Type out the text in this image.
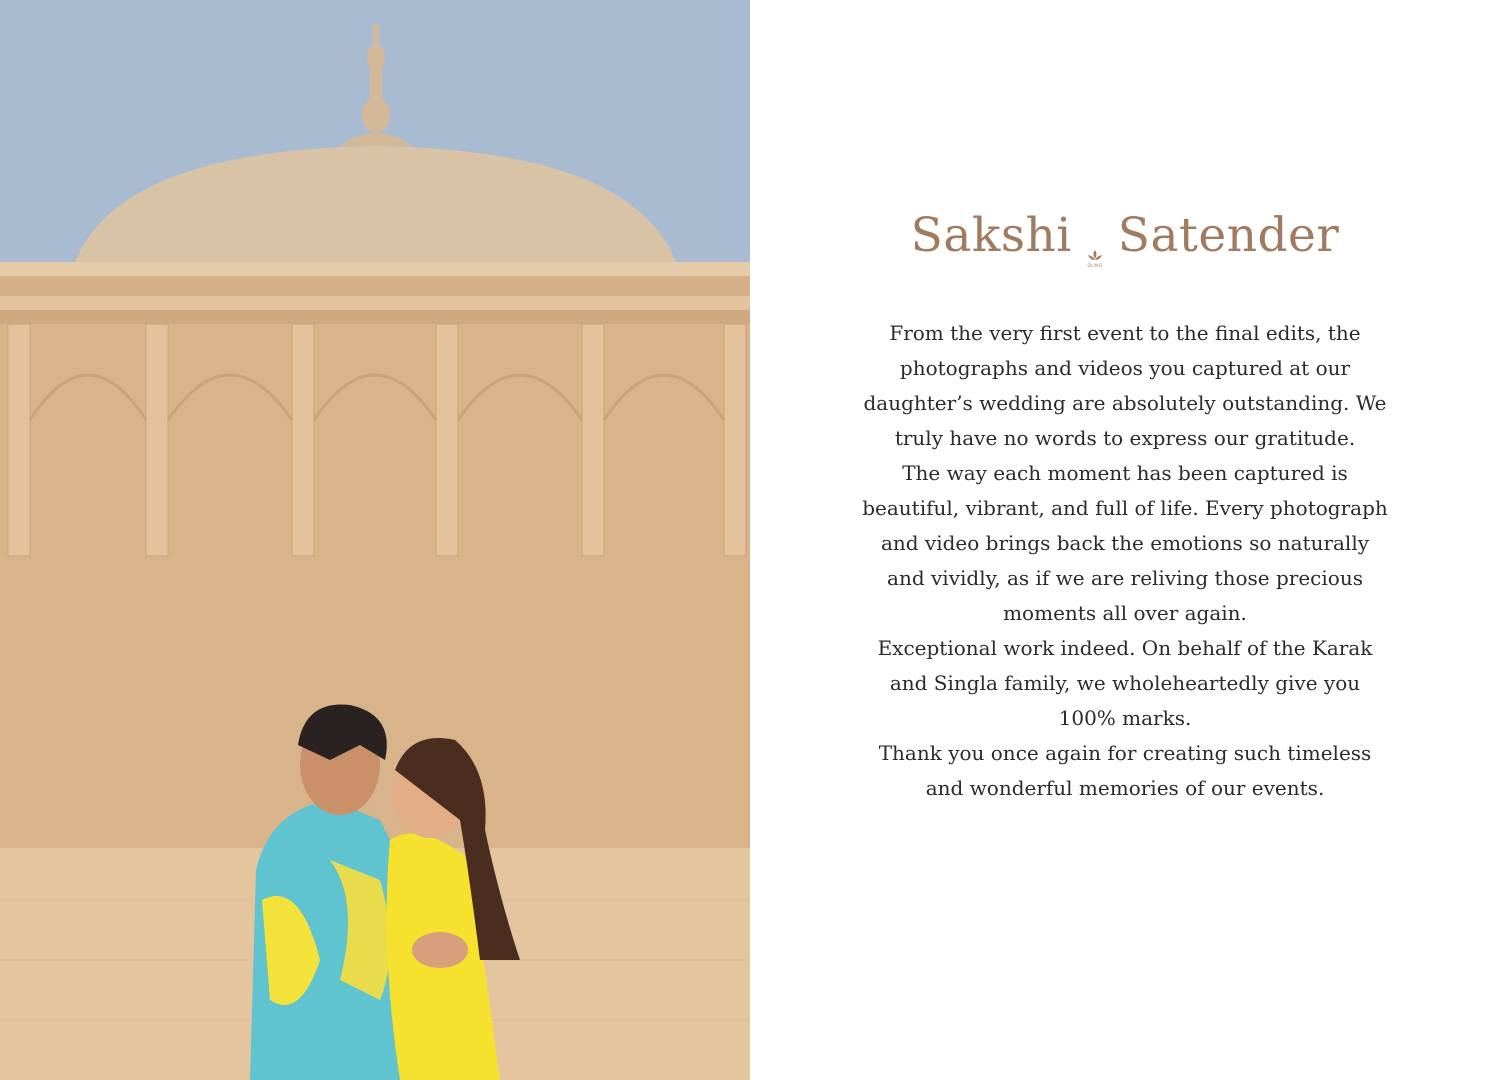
Sakshi
DLMG
Satender

From the very first event to the final edits, the photographs and videos you captured at our daughter’s wedding are absolutely outstanding. We truly have no words to express our gratitude.

The way each moment has been captured is beautiful, vibrant, and full of life. Every photograph and video brings back the emotions so naturally and vividly, as if we are reliving those precious moments all over again.

Exceptional work indeed. On behalf of the Karak and Singla family, we wholeheartedly give you 100% marks.

Thank you once again for creating such timeless and wonderful memories of our events.
